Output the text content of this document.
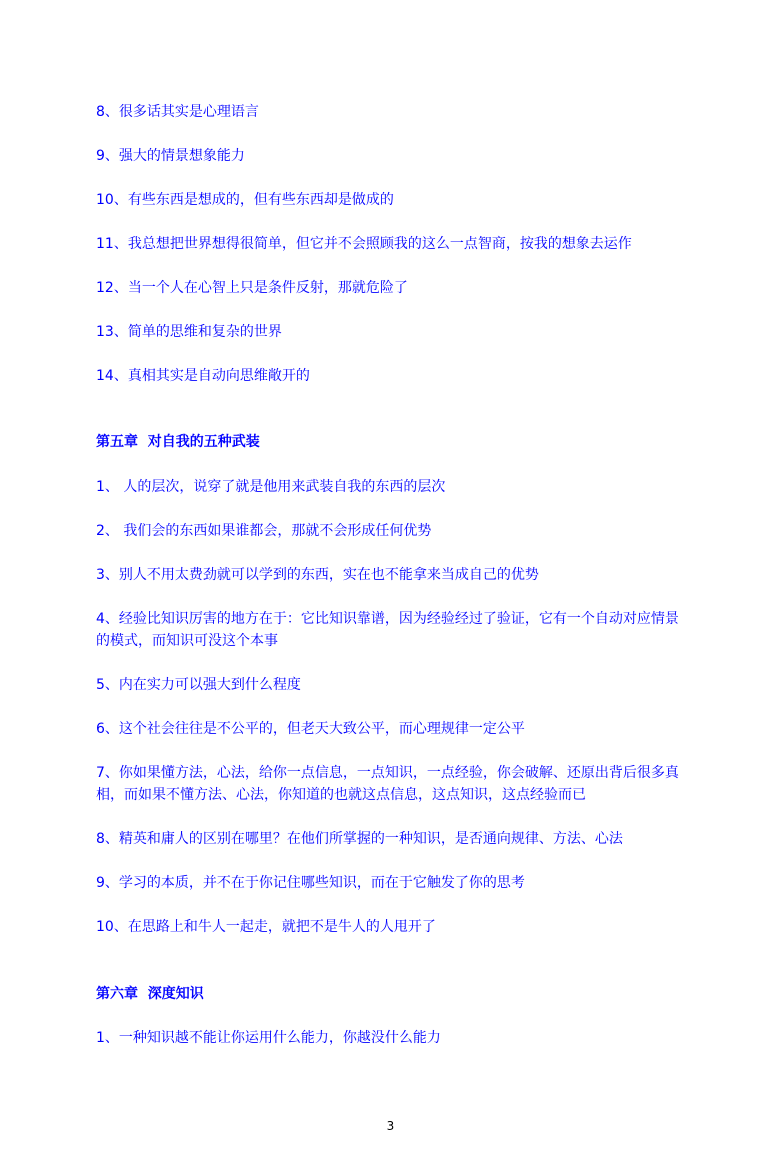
8、很多话其实是心理语言
9、强大的情景想象能力
10、有些东西是想成的，但有些东西却是做成的
11、我总想把世界想得很简单，但它并不会照顾我的这么一点智商，按我的想象去运作
12、当一个人在心智上只是条件反射，那就危险了
13、简单的思维和复杂的世界
14、真相其实是自动向思维敞开的
第五章  对自我的五种武装
1、 人的层次，说穿了就是他用来武装自我的东西的层次
2、 我们会的东西如果谁都会，那就不会形成任何优势
3、别人不用太费劲就可以学到的东西，实在也不能拿来当成自己的优势
4、经验比知识厉害的地方在于：它比知识靠谱，因为经验经过了验证，它有一个自动对应情景的模式，而知识可没这个本事
5、内在实力可以强大到什么程度
6、这个社会往往是不公平的，但老天大致公平，而心理规律一定公平
7、你如果懂方法，心法，给你一点信息，一点知识，一点经验，你会破解、还原出背后很多真相，而如果不懂方法、心法，你知道的也就这点信息，这点知识，这点经验而已
8、精英和庸人的区别在哪里？在他们所掌握的一种知识，是否通向规律、方法、心法
9、学习的本质，并不在于你记住哪些知识，而在于它触发了你的思考
10、在思路上和牛人一起走，就把不是牛人的人甩开了
第六章  深度知识
1、一种知识越不能让你运用什么能力，你越没什么能力
3
